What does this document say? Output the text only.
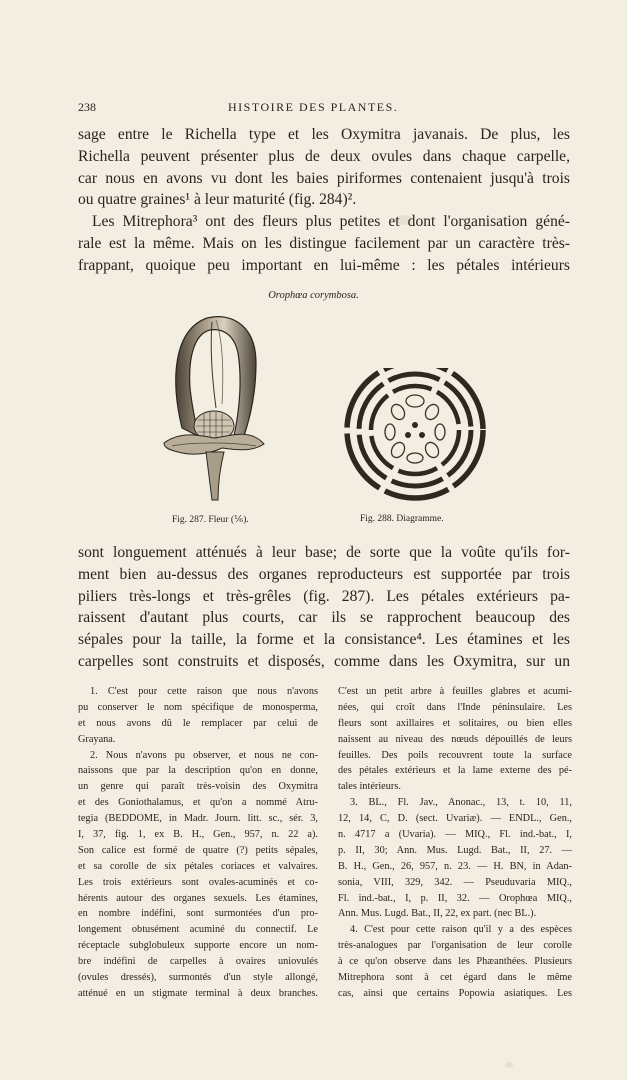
238	HISTOIRE DES PLANTES.
sage entre le Richella type et les Oxymitra javanais. De plus, les
Richella peuvent présenter plus de deux ovules dans chaque carpelle,
car nous en avons vu dont les baies piriformes contenaient jusqu'à trois
ou quatre graines¹ à leur maturité (fig. 284)².
Les Mitrephora³ ont des fleurs plus petites et dont l'organisation géné-
rale est la même. Mais on les distingue facilement par un caractère très-
frappant, quoique peu important en lui-même : les pétales intérieurs
Orophœa corymbosa.
Fig. 287. Fleur (⅙).	Fig. 288. Diagramme.
sont longuement atténués à leur base; de sorte que la voûte qu'ils for-
ment bien au-dessus des organes reproducteurs est supportée par trois
piliers très-longs et très-grêles (fig. 287). Les pétales extérieurs pa-
raissent d'autant plus courts, car ils se rapprochent beaucoup des
sépales pour la taille, la forme et la consistance⁴. Les étamines et les
carpelles sont construits et disposés, comme dans les Oxymitra, sur un
1. C'est pour cette raison que nous n'avons
pu conserver le nom spécifique de monosperma,
et nous avons dû le remplacer par celui de
Grayana.
2. Nous n'avons pu observer, et nous ne con-
naissons que par la description qu'on en donne,
un genre qui paraît très-voisin des Oxymitra
et des Goniothalamus, et qu'on a nommé Atru-
tegia (BEDDOME, in Madr. Journ. litt. sc., sér. 3,
I, 37, fig. 1, ex B. H., Gen., 957, n. 22 a).
Son calice est formé de quatre (?) petits sépales,
et sa corolle de six pétales coriaces et valvaires.
Les trois extérieurs sont ovales-acuminés et co-
hérents autour des organes sexuels. Les étamines,
en nombre indéfini, sont surmontées d'un pro-
longement obtusément acuminé du connectif. Le
réceptacle subglobuleux supporte encore un nom-
bre indéfini de carpelles à ovaires uniovulés
(ovules dressés), surmontés d'un style allongé,
atténué en un stigmate terminal à deux branches.
C'est un petit arbre à feuilles glabres et acumi-
nées, qui croît dans l'Inde péninsulaire. Les
fleurs sont axillaires et solitaires, ou bien elles
naissent au niveau des nœuds dépouillés de leurs
feuilles. Des poils recouvrent toute la surface
des pétales extérieurs et la lame externe des pé-
tales intérieurs.
3. BL., Fl. Jav., Anonac., 13, t. 10, 11,
12, 14, C, D. (sect. Uvariæ). — ENDL., Gen.,
n. 4717 a (Uvaria). — MIQ., Fl. ind.-bat., I,
p. II, 30; Ann. Mus. Lugd. Bat., II, 27. —
B. H., Gen., 26, 957, n. 23. — H. BN, in Adan-
sonia, VIII, 329, 342. — Pseuduvaria MIQ.,
Fl. ind.-bat., I, p. II, 32. — Orophœa MIQ.,
Ann. Mus. Lugd. Bat., II, 22, ex part. (nec BL.).
4. C'est pour cette raison qu'il y a des espèces
très-analogues par l'organisation de leur corolle
à ce qu'on observe dans les Phæanthées. Plusieurs
Mitrephora sont à cet égard dans le même
cas, ainsi que certains Popowia asiatiques. Les
